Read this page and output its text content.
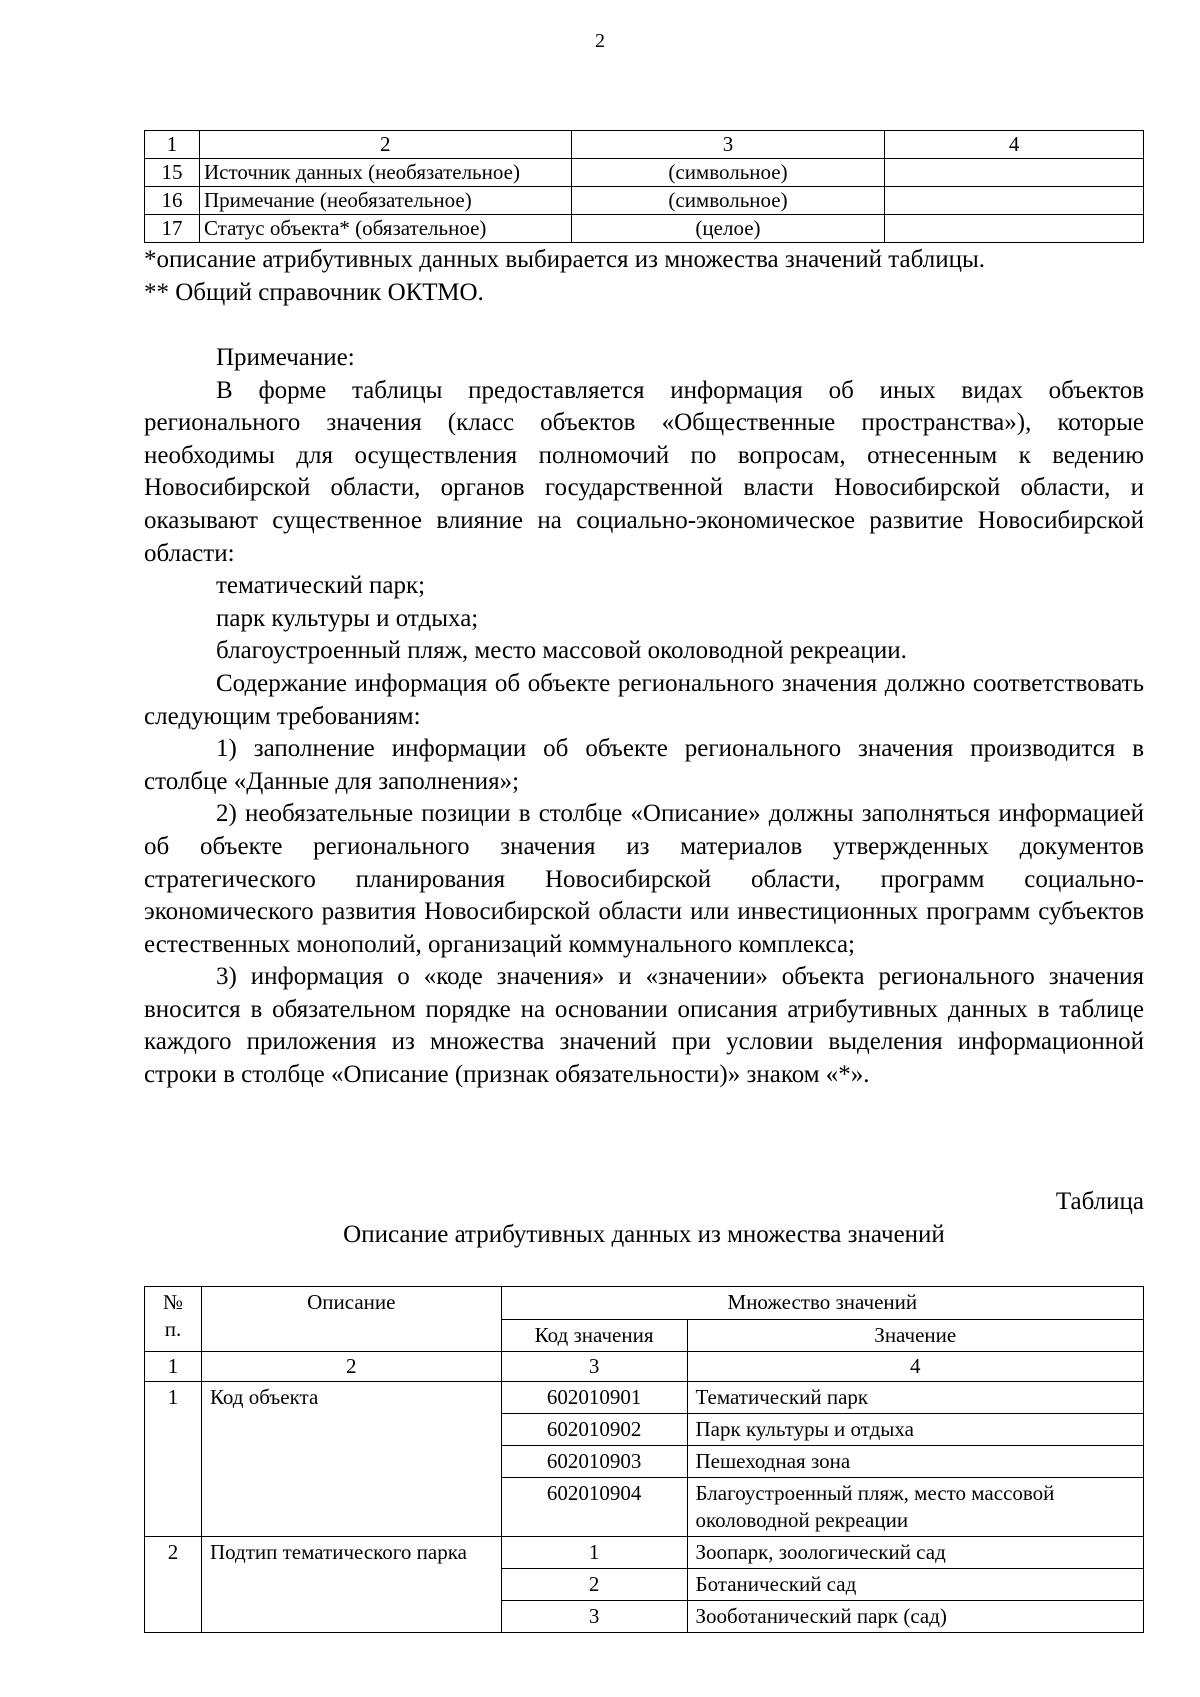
2
1	2	3	4
15	Источник данных (необязательное)	(символьное)	
16	Примечание (необязательное)	(символьное)	
17	Статус объекта* (обязательное)	(целое)	
*описание атрибутивных данных выбирается из множества значений таблицы.
** Общий справочник ОКТМО.
Примечание:
В форме таблицы предоставляется информация об иных видах объектов регионального значения (класс объектов «Общественные пространства»), которые необходимы для осуществления полномочий по вопросам, отнесенным к ведению Новосибирской области, органов государственной власти Новосибирской области, и оказывают существенное влияние на социально-экономическое развитие Новосибирской области:
тематический парк;
парк культуры и отдыха;
благоустроенный пляж, место массовой околоводной рекреации.
Содержание информация об объекте регионального значения должно соответствовать следующим требованиям:
1) заполнение информации об объекте регионального значения производится в столбце «Данные для заполнения»;
2) необязательные позиции в столбце «Описание» должны заполняться информацией об объекте регионального значения из материалов утвержденных документов стратегического планирования Новосибирской области, программ социально-экономического развития Новосибирской области или инвестиционных программ субъектов естественных монополий, организаций коммунального комплекса;
3) информация о «коде значения» и «значении» объекта регионального значения вносится в обязательном порядке на основании описания атрибутивных данных в таблице каждого приложения из множества значений при условии выделения информационной строки в столбце «Описание (признак обязательности)» знаком «*».
Таблица
Описание атрибутивных данных из множества значений
№ п.	Описание	Множество значений	
		Код значения	Значение
1	2	3	4
1	Код объекта	602010901	Тематический парк
		602010902	Парк культуры и отдыха
		602010903	Пешеходная зона
		602010904	Благоустроенный пляж, место массовой околоводной рекреации
2	Подтип тематического парка	1	Зоопарк, зоологический сад
		2	Ботанический сад
		3	Зооботанический парк (сад)
